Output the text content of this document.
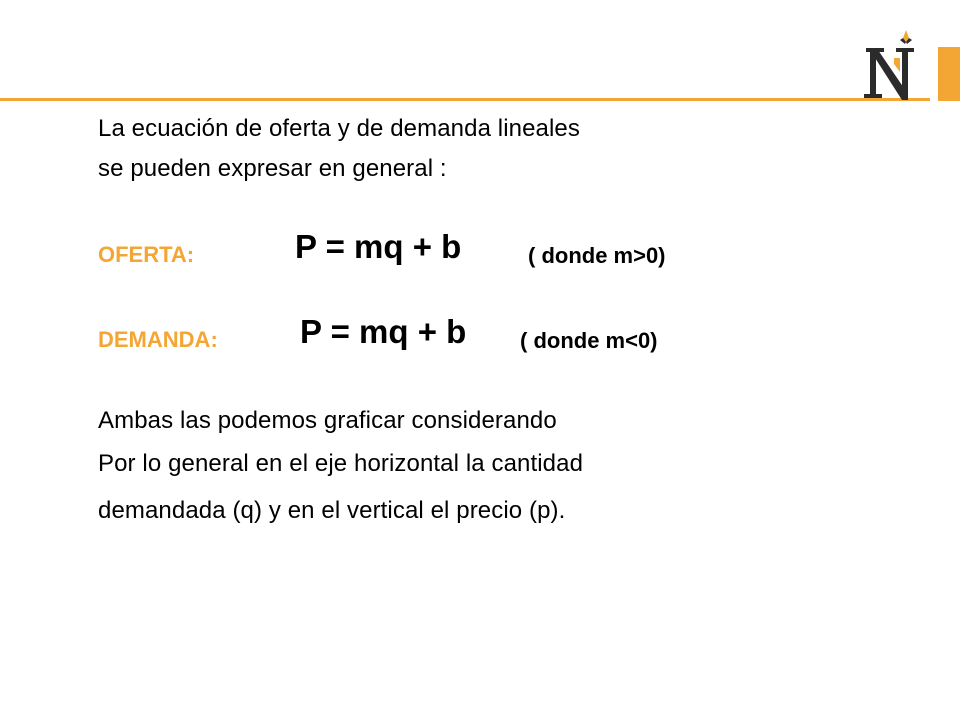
La ecuación de oferta y de demanda lineales
se pueden expresar en general :
OFERTA:	P = mq + b	( donde m>0)
DEMANDA: P = mq + b ( donde m<0)
Ambas las podemos graficar considerando
Por lo general en el eje horizontal la cantidad
demandada (q) y en el vertical el precio (p).
